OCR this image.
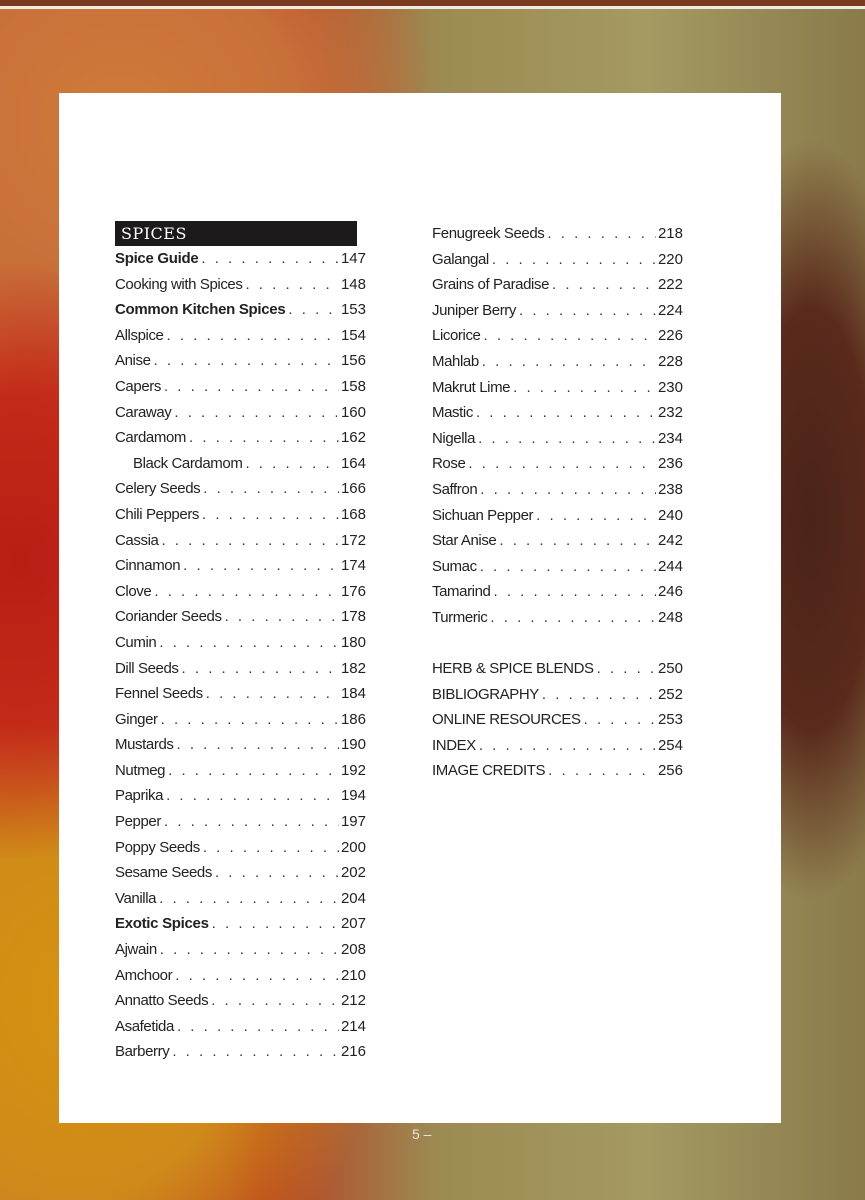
SPICES
Spice Guide . . .	147
Cooking with Spices . . .	148
Common Kitchen Spices . . .	153
Allspice . . .	154
Anise . . .	156
Capers . . .	158
Caraway . . .	160
Cardamom . . .	162
Black Cardamom . . .	164
Celery Seeds . . .	166
Chili Peppers . . .	168
Cassia . . .	172
Cinnamon . . .	174
Clove . . .	176
Coriander Seeds . . .	178
Cumin . . .	180
Dill Seeds . . .	182
Fennel Seeds . . .	184
Ginger . . .	186
Mustards . . .	190
Nutmeg . . .	192
Paprika . . .	194
Pepper . . .	197
Poppy Seeds . . .	200
Sesame Seeds . . .	202
Vanilla . . .	204
Exotic Spices . . .	207
Ajwain . . .	208
Amchoor . . .	210
Annatto Seeds . . .	212
Asafetida . . .	214
Barberry . . .	216
Fenugreek Seeds . . .	218
Galangal . . .	220
Grains of Paradise . . .	222
Juniper Berry . . .	224
Licorice . . .	226
Mahlab . . .	228
Makrut Lime . . .	230
Mastic . . .	232
Nigella . . .	234
Rose . . .	236
Saffron . . .	238
Sichuan Pepper . . .	240
Star Anise . . .	242
Sumac . . .	244
Tamarind . . .	246
Turmeric . . .	248
HERB & SPICE BLENDS . . .	250
BIBLIOGRAPHY . . .	252
ONLINE RESOURCES . . .	253
INDEX . . .	254
IMAGE CREDITS . . .	256
5 –
